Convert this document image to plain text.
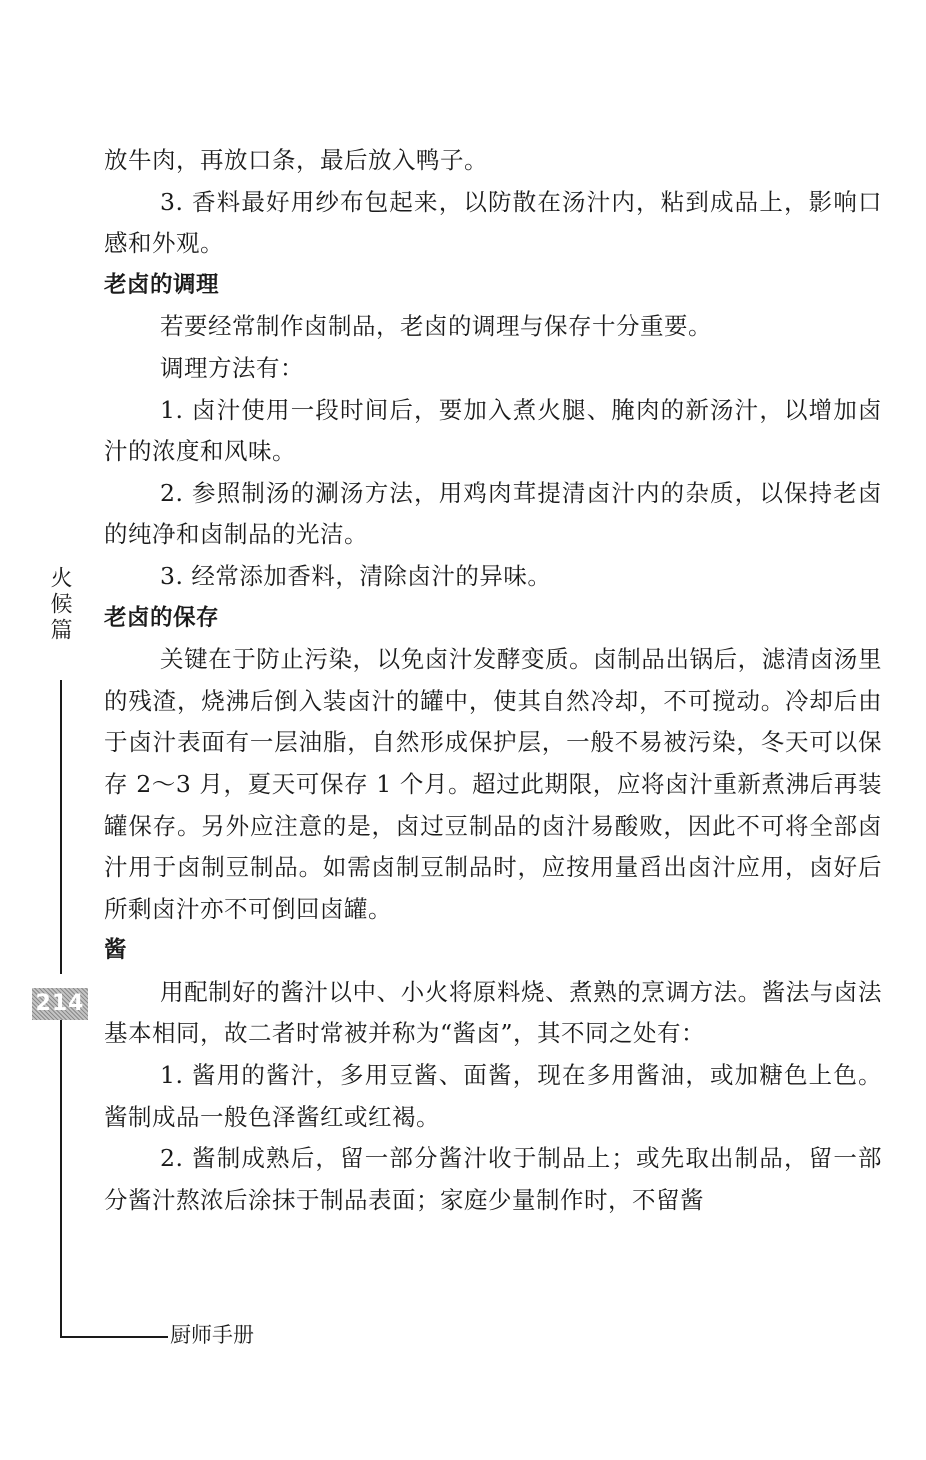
放牛肉，再放口条，最后放入鸭子。

3. 香料最好用纱布包起来，以防散在汤汁内，粘到成品上，影响口感和外观。

老卤的调理

若要经常制作卤制品，老卤的调理与保存十分重要。

调理方法有：

1. 卤汁使用一段时间后，要加入煮火腿、腌肉的新汤汁，以增加卤汁的浓度和风味。

2. 参照制汤的涮汤方法，用鸡肉茸提清卤汁内的杂质，以保持老卤的纯净和卤制品的光洁。

3. 经常添加香料，清除卤汁的异味。

老卤的保存

关键在于防止污染，以免卤汁发酵变质。卤制品出锅后，滤清卤汤里的残渣，烧沸后倒入装卤汁的罐中，使其自然冷却，不可搅动。冷却后由于卤汁表面有一层油脂，自然形成保护层，一般不易被污染，冬天可以保存 2～3 月，夏天可保存 1 个月。超过此期限，应将卤汁重新煮沸后再装罐保存。另外应注意的是，卤过豆制品的卤汁易酸败，因此不可将全部卤汁用于卤制豆制品。如需卤制豆制品时，应按用量舀出卤汁应用，卤好后所剩卤汁亦不可倒回卤罐。

酱

用配制好的酱汁以中、小火将原料烧、煮熟的烹调方法。酱法与卤法基本相同，故二者时常被并称为“酱卤”，其不同之处有：

1. 酱用的酱汁，多用豆酱、面酱，现在多用酱油，或加糖色上色。酱制成品一般色泽酱红或红褐。

2. 酱制成熟后，留一部分酱汁收于制品上；或先取出制品，留一部分酱汁熬浓后涂抹于制品表面；家庭少量制作时，不留酱

火候篇
214
厨师手册
